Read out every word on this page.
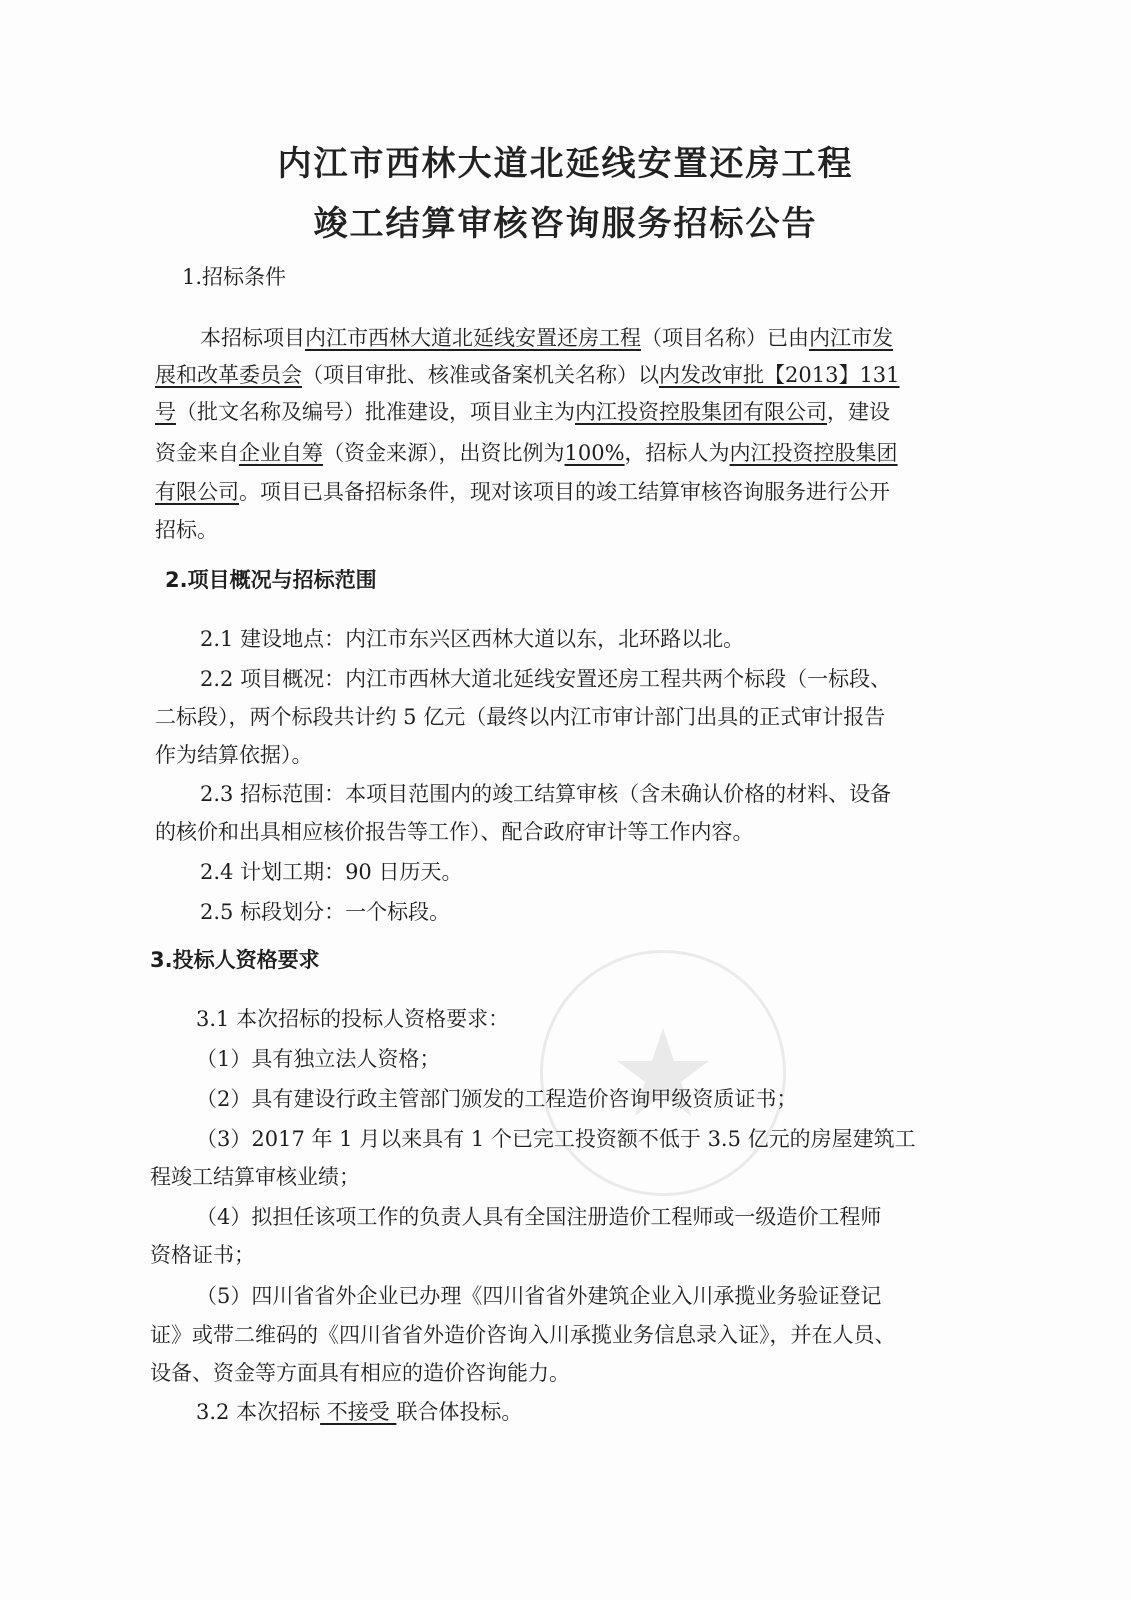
内江市西林大道北延线安置还房工程
竣工结算审核咨询服务招标公告
1.招标条件
本招标项目内江市西林大道北延线安置还房工程（项目名称）已由内江市发
展和改革委员会（项目审批、核准或备案机关名称）以内发改审批【2013】131
号（批文名称及编号）批准建设，项目业主为内江投资控股集团有限公司，建设
资金来自企业自筹（资金来源），出资比例为100%，招标人为内江投资控股集团
有限公司。项目已具备招标条件，现对该项目的竣工结算审核咨询服务进行公开
招标。
2.项目概况与招标范围
2.1 建设地点：内江市东兴区西林大道以东，北环路以北。
2.2 项目概况：内江市西林大道北延线安置还房工程共两个标段（一标段、
二标段），两个标段共计约 5 亿元（最终以内江市审计部门出具的正式审计报告
作为结算依据）。
2.3 招标范围：本项目范围内的竣工结算审核（含未确认价格的材料、设备
的核价和出具相应核价报告等工作）、配合政府审计等工作内容。
2.4 计划工期：90 日历天。
2.5 标段划分：一个标段。
3.投标人资格要求
3.1 本次招标的投标人资格要求：
（1）具有独立法人资格；
（2）具有建设行政主管部门颁发的工程造价咨询甲级资质证书；
（3）2017 年 1 月以来具有 1 个已完工投资额不低于 3.5 亿元的房屋建筑工
程竣工结算审核业绩；
（4）拟担任该项工作的负责人具有全国注册造价工程师或一级造价工程师
资格证书；
（5）四川省省外企业已办理《四川省省外建筑企业入川承揽业务验证登记
证》或带二维码的《四川省省外造价咨询入川承揽业务信息录入证》，并在人员、
设备、资金等方面具有相应的造价咨询能力。
3.2 本次招标 不接受 联合体投标。
